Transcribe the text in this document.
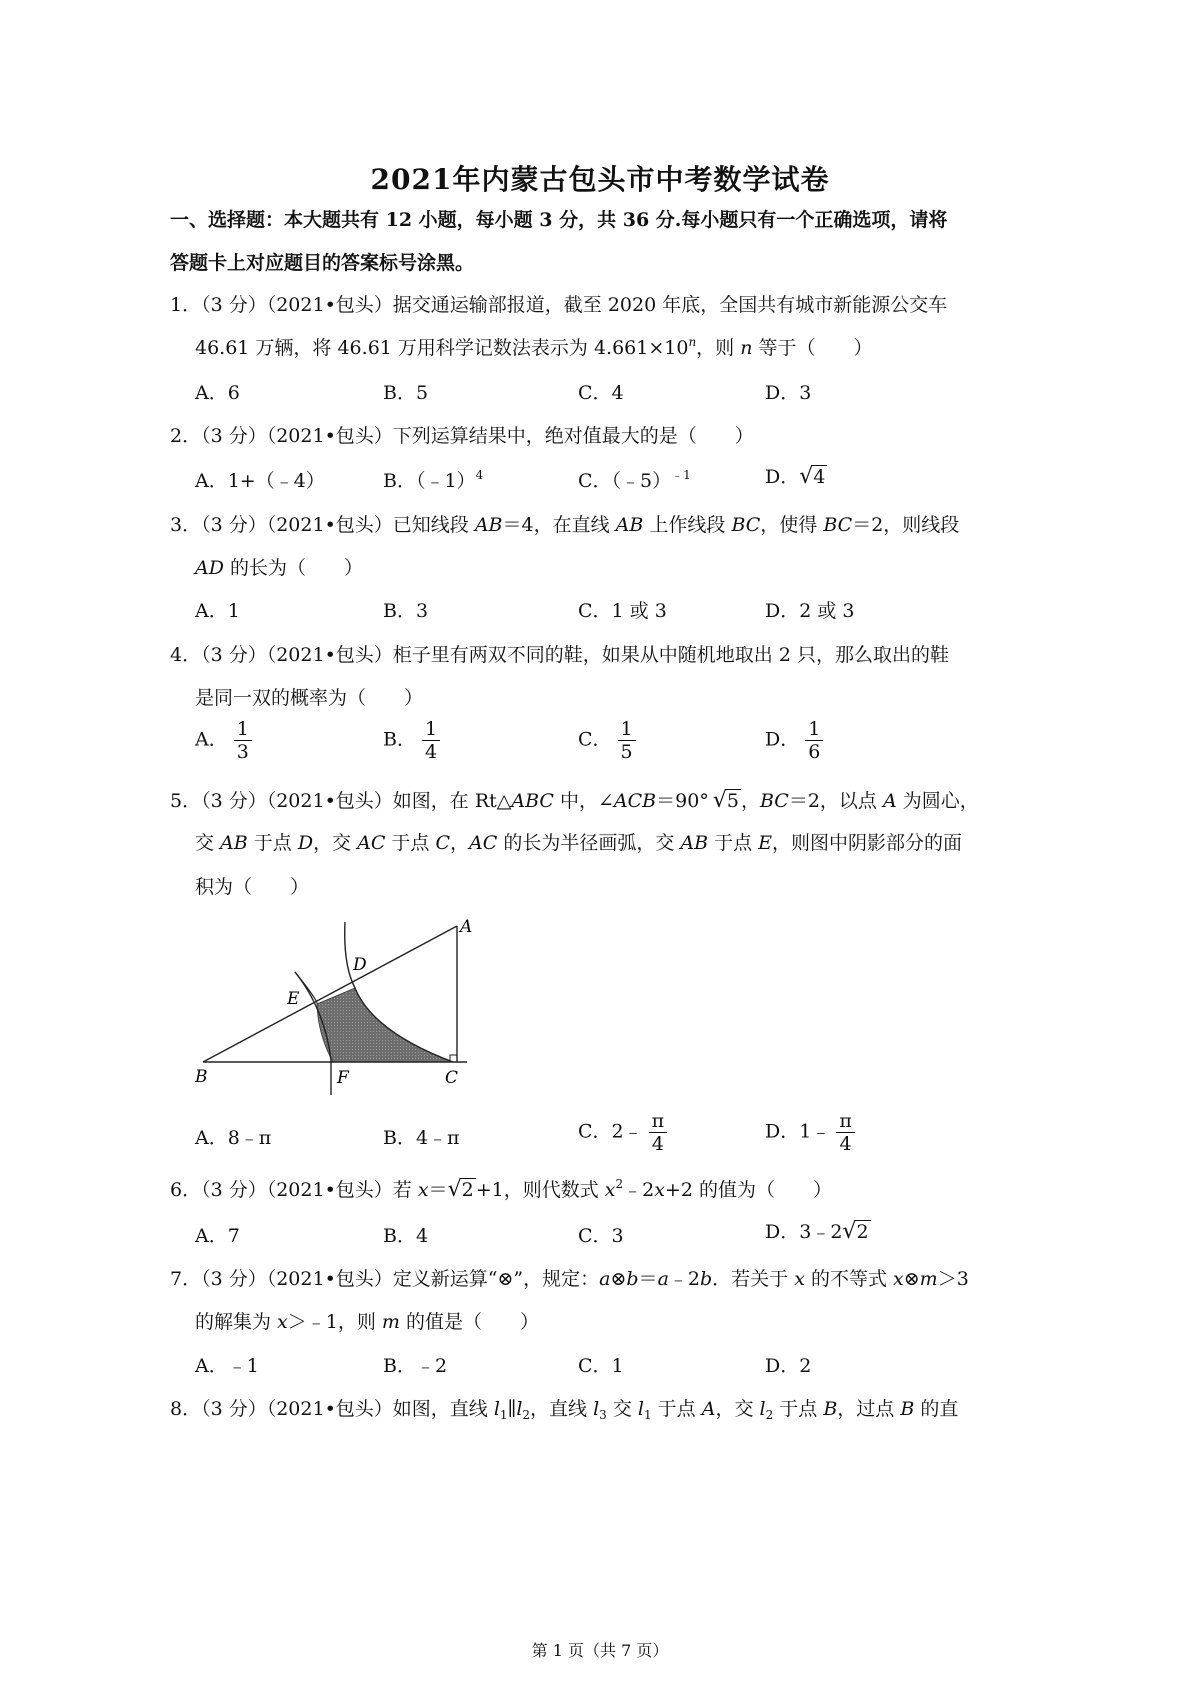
2021年内蒙古包头市中考数学试卷
一、选择题：本大题共有 12 小题，每小题 3 分，共 36 分.每小题只有一个正确选项，请将
答题卡上对应题目的答案标号涂黑。
1．（3 分）（2021•包头）据交通运输部报道，截至 2020 年底，全国共有城市新能源公交车
46.61 万辆，将 46.61 万用科学记数法表示为 $4.661\times 10^n$，则 n 等于（　　）
A．6	B．5	C．4	D．3
2．（3 分）（2021•包头）下列运算结果中，绝对值最大的是（　　）
A．1+（﹣4）	B．（﹣1）$^4$	C．（﹣5）$^{﹣1}$	D．√4
3．（3 分）（2021•包头）已知线段 AB＝4，在直线 AB 上作线段 BC，使得 BC＝2，则线段
AD 的长为（　　）
A．1	B．3	C．1 或 3	D．2 或 3
4．（3 分）（2021•包头）柜子里有两双不同的鞋，如果从中随机地取出 2 只，那么取出的鞋
是同一双的概率为（　　）
A． $\frac{1}{3}$	B． $\frac{1}{4}$	C． $\frac{1}{5}$	D． $\frac{1}{6}$
5．（3 分）（2021•包头）如图，在 Rt△ABC 中，∠ACB＝90° √5 ，BC＝2，以点 A 为圆心，
交 AB 于点 D，交 AC 于点 C，AC 的长为半径画弧，交 AB 于点 E，则图中阴影部分的面
积为（　　）
A
B	C
D
E
F
A．8﹣π	B．4﹣π	C．2﹣ $\frac{\pi}{4}$	D．1﹣ $\frac{\pi}{4}$
6．（3 分）（2021•包头）若 x＝√2 +1，则代数式 $x^2﹣2x+2$ 的值为（　　）
A．7	B．4	C．3	D．3﹣2√2
7．（3 分）（2021•包头）定义新运算“⊗”，规定：a⊗b＝a﹣2b．若关于 x 的不等式 x⊗m＞3
的解集为 x＞﹣1，则 m 的值是（　　）
A．﹣1	B．﹣2	C．1	D．2
8．（3 分）（2021•包头）如图，直线 $l_1\parallel l_2$，直线 $l_3$ 交 $l_1$ 于点 A，交 $l_2$ 于点 B，过点 B 的直
第 1 页（共 7 页）
